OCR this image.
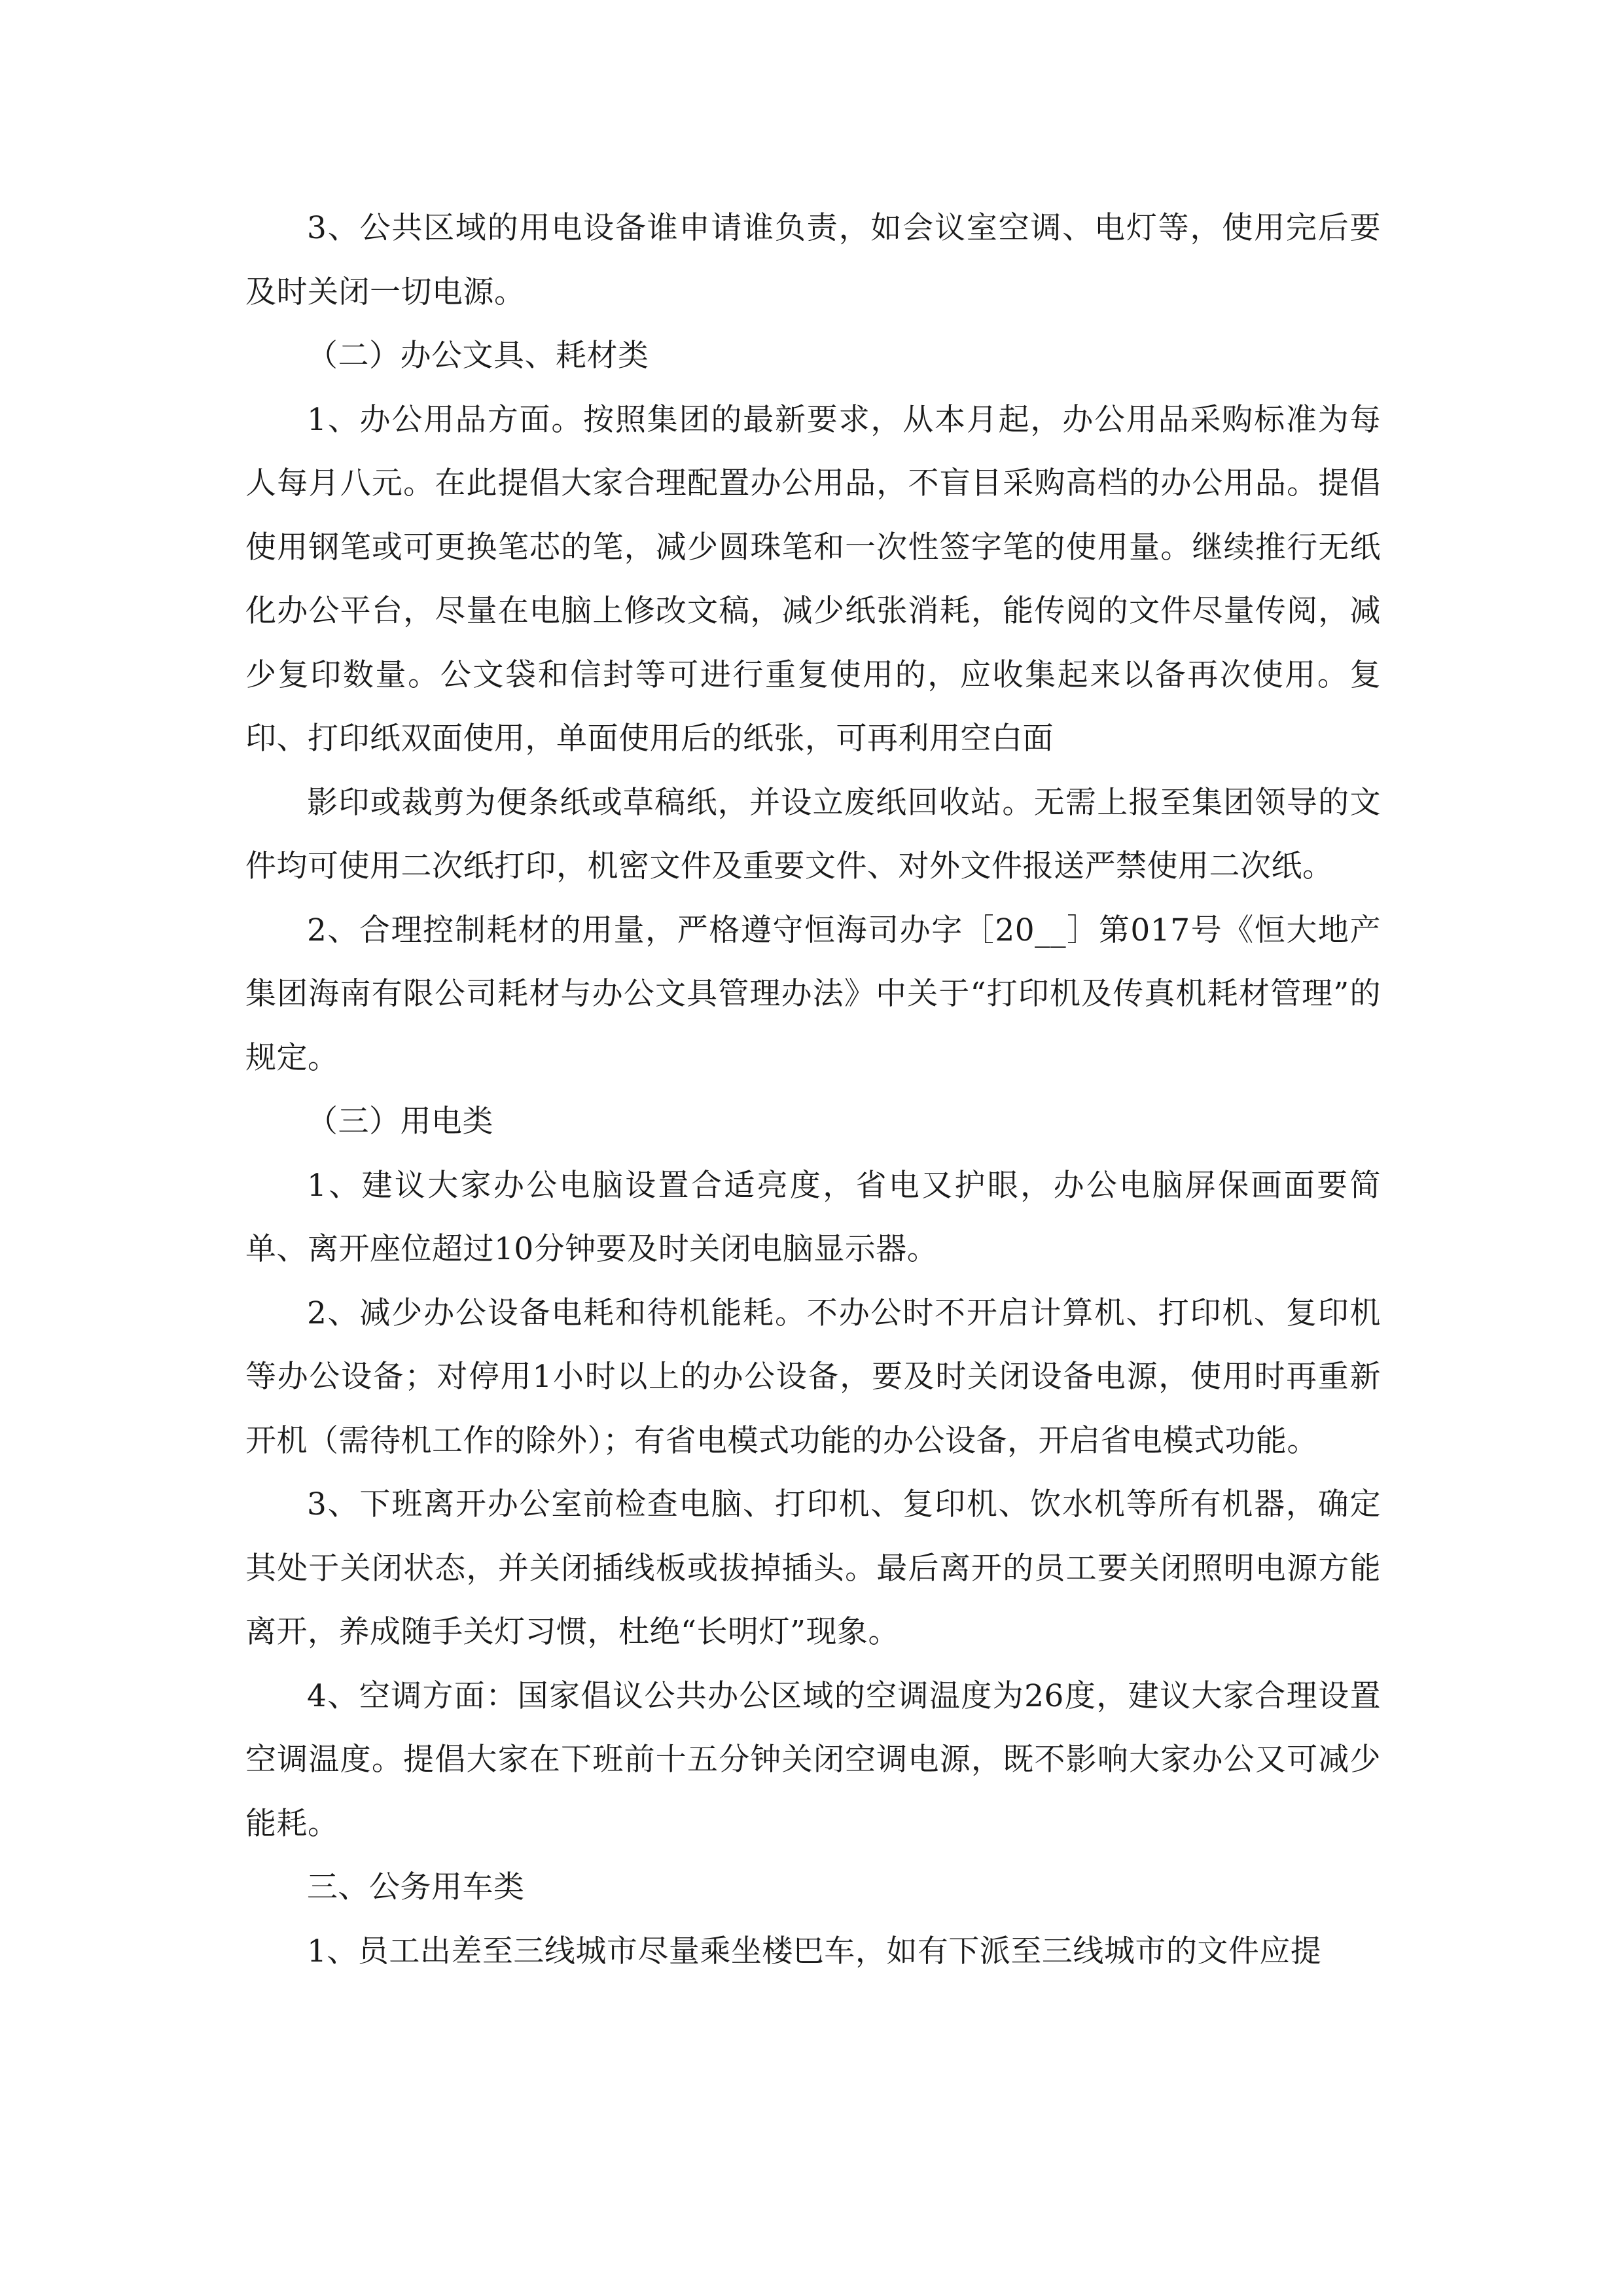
3、公共区域的用电设备谁申请谁负责，如会议室空调、电灯等，使用完后要及时关闭一切电源。

（二）办公文具、耗材类

1、办公用品方面。按照集团的最新要求，从本月起，办公用品采购标准为每人每月八元。在此提倡大家合理配置办公用品，不盲目采购高档的办公用品。提倡使用钢笔或可更换笔芯的笔，减少圆珠笔和一次性签字笔的使用量。继续推行无纸化办公平台，尽量在电脑上修改文稿，减少纸张消耗，能传阅的文件尽量传阅，减少复印数量。公文袋和信封等可进行重复使用的，应收集起来以备再次使用。复印、打印纸双面使用，单面使用后的纸张，可再利用空白面

影印或裁剪为便条纸或草稿纸，并设立废纸回收站。无需上报至集团领导的文件均可使用二次纸打印，机密文件及重要文件、对外文件报送严禁使用二次纸。

2、合理控制耗材的用量，严格遵守恒海司办字［20__］第017号《恒大地产集团海南有限公司耗材与办公文具管理办法》中关于“打印机及传真机耗材管理”的规定。

（三）用电类

1、建议大家办公电脑设置合适亮度，省电又护眼，办公电脑屏保画面要简单、离开座位超过10分钟要及时关闭电脑显示器。

2、减少办公设备电耗和待机能耗。不办公时不开启计算机、打印机、复印机等办公设备；对停用1小时以上的办公设备，要及时关闭设备电源，使用时再重新开机（需待机工作的除外）；有省电模式功能的办公设备，开启省电模式功能。

3、下班离开办公室前检查电脑、打印机、复印机、饮水机等所有机器，确定其处于关闭状态，并关闭插线板或拔掉插头。最后离开的员工要关闭照明电源方能离开，养成随手关灯习惯，杜绝“长明灯”现象。

4、空调方面：国家倡议公共办公区域的空调温度为26度，建议大家合理设置空调温度。提倡大家在下班前十五分钟关闭空调电源，既不影响大家办公又可减少能耗。

三、公务用车类

1、员工出差至三线城市尽量乘坐楼巴车，如有下派至三线城市的文件应提
